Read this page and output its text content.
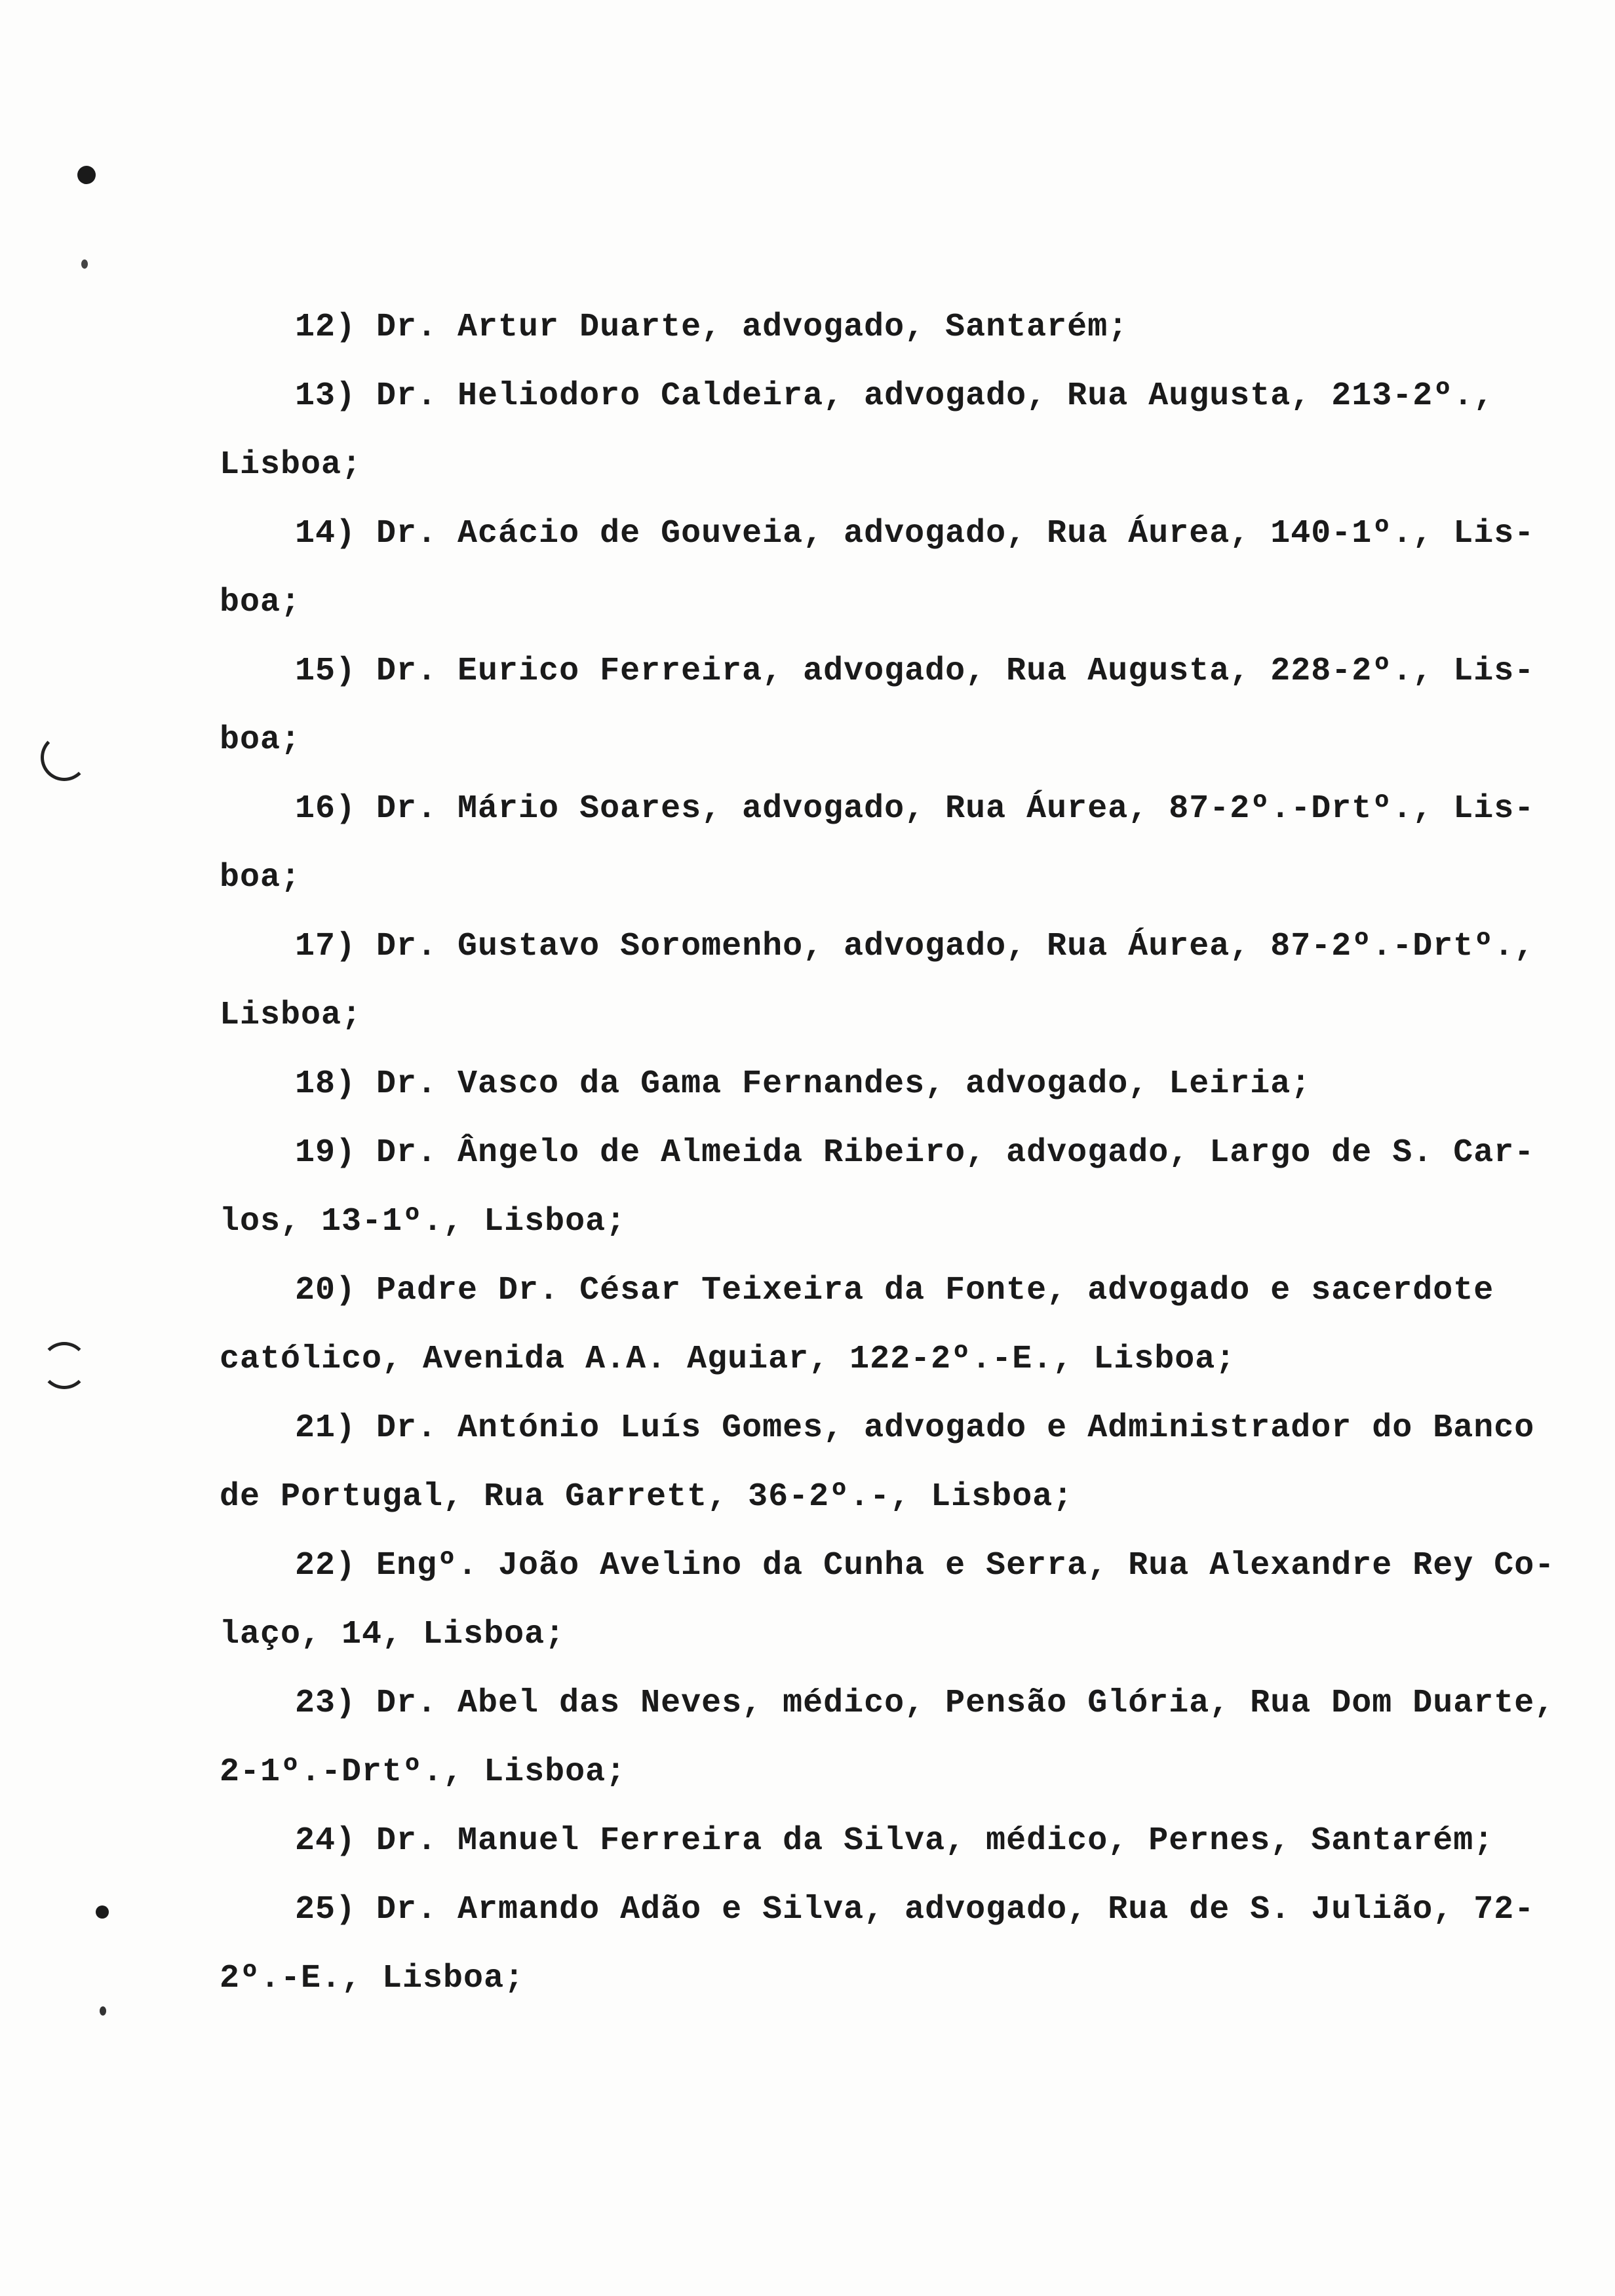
12) Dr. Artur Duarte, advogado, Santarém;
13) Dr. Heliodoro Caldeira, advogado, Rua Augusta, 213-2º.,
Lisboa;
14) Dr. Acácio de Gouveia, advogado, Rua Áurea, 140-1º., Lis-
boa;
15) Dr. Eurico Ferreira, advogado, Rua Augusta, 228-2º., Lis-
boa;
16) Dr. Mário Soares, advogado, Rua Áurea, 87-2º.-Drtº., Lis-
boa;
17) Dr. Gustavo Soromenho, advogado, Rua Áurea, 87-2º.-Drtº.,
Lisboa;
18) Dr. Vasco da Gama Fernandes, advogado, Leiria;
19) Dr. Ângelo de Almeida Ribeiro, advogado, Largo de S. Car-
los, 13-1º., Lisboa;
20) Padre Dr. César Teixeira da Fonte, advogado e sacerdote
católico, Avenida A.A. Aguiar, 122-2º.-E., Lisboa;
21) Dr. António Luís Gomes, advogado e Administrador do Banco
de Portugal, Rua Garrett, 36-2º.-, Lisboa;
22) Engº. João Avelino da Cunha e Serra, Rua Alexandre Rey Co-
laço, 14, Lisboa;
23) Dr. Abel das Neves, médico, Pensão Glória, Rua Dom Duarte,
2-1º.-Drtº., Lisboa;
24) Dr. Manuel Ferreira da Silva, médico, Pernes, Santarém;
25) Dr. Armando Adão e Silva, advogado, Rua de S. Julião, 72-
2º.-E., Lisboa;
